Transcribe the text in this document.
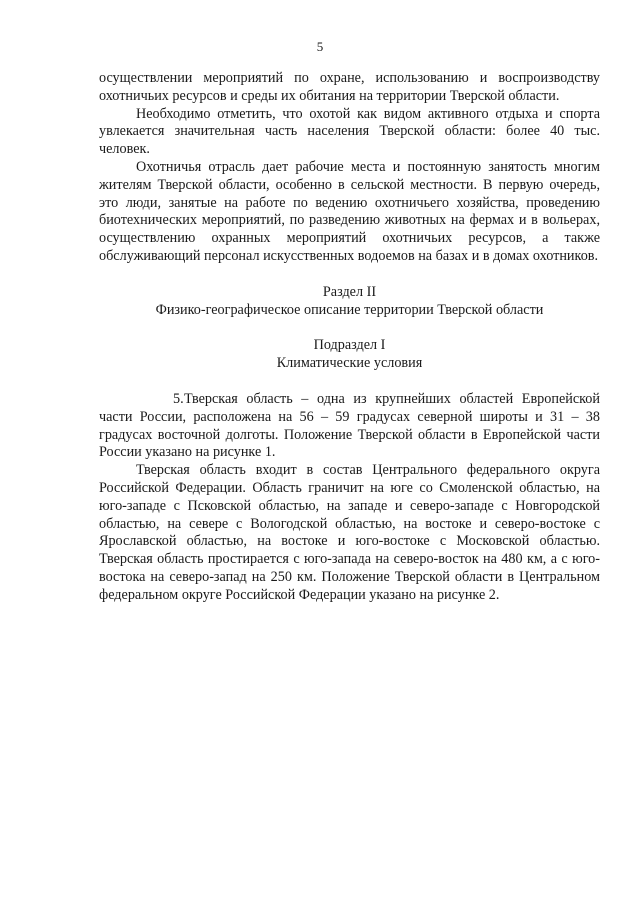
5

осуществлении мероприятий по охране, использованию и воспроизводству охотничьих ресурсов и среды их обитания на территории Тверской области.

Необходимо отметить, что охотой как видом активного отдыха и спорта увлекается значительная часть населения Тверской области: более 40 тыс. человек.

Охотничья отрасль дает рабочие места и постоянную занятость многим жителям Тверской области, особенно в сельской местности. В первую очередь, это люди, занятые на работе по ведению охотничьего хозяйства, проведению биотехнических мероприятий, по разведению животных на фермах и в вольерах, осуществлению охранных мероприятий охотничьих ресурсов, а также обслуживающий персонал искусственных водоемов на базах и в домах охотников.

Раздел II
Физико-географическое описание территории Тверской области
Подраздел I
Климатические условия

5.Тверская область – одна из крупнейших областей Европейской части России, расположена на 56 – 59 градусах северной широты и 31 – 38 градусах восточной долготы. Положение Тверской области в Европейской части России указано на рисунке 1.

Тверская область входит в состав Центрального федерального округа Российской Федерации. Область граничит на юге со Смоленской областью, на юго-западе с Псковской областью, на западе и северо-западе с Новгородской областью, на севере с Вологодской областью, на востоке и северо-востоке с Ярославской областью, на востоке и юго-востоке с Московской областью. Тверская область простирается с юго-запада на северо-восток на 480 км, а с юго-востока на северо-запад на 250 км. Положение Тверской области в Центральном федеральном округе Российской Федерации указано на рисунке 2.
